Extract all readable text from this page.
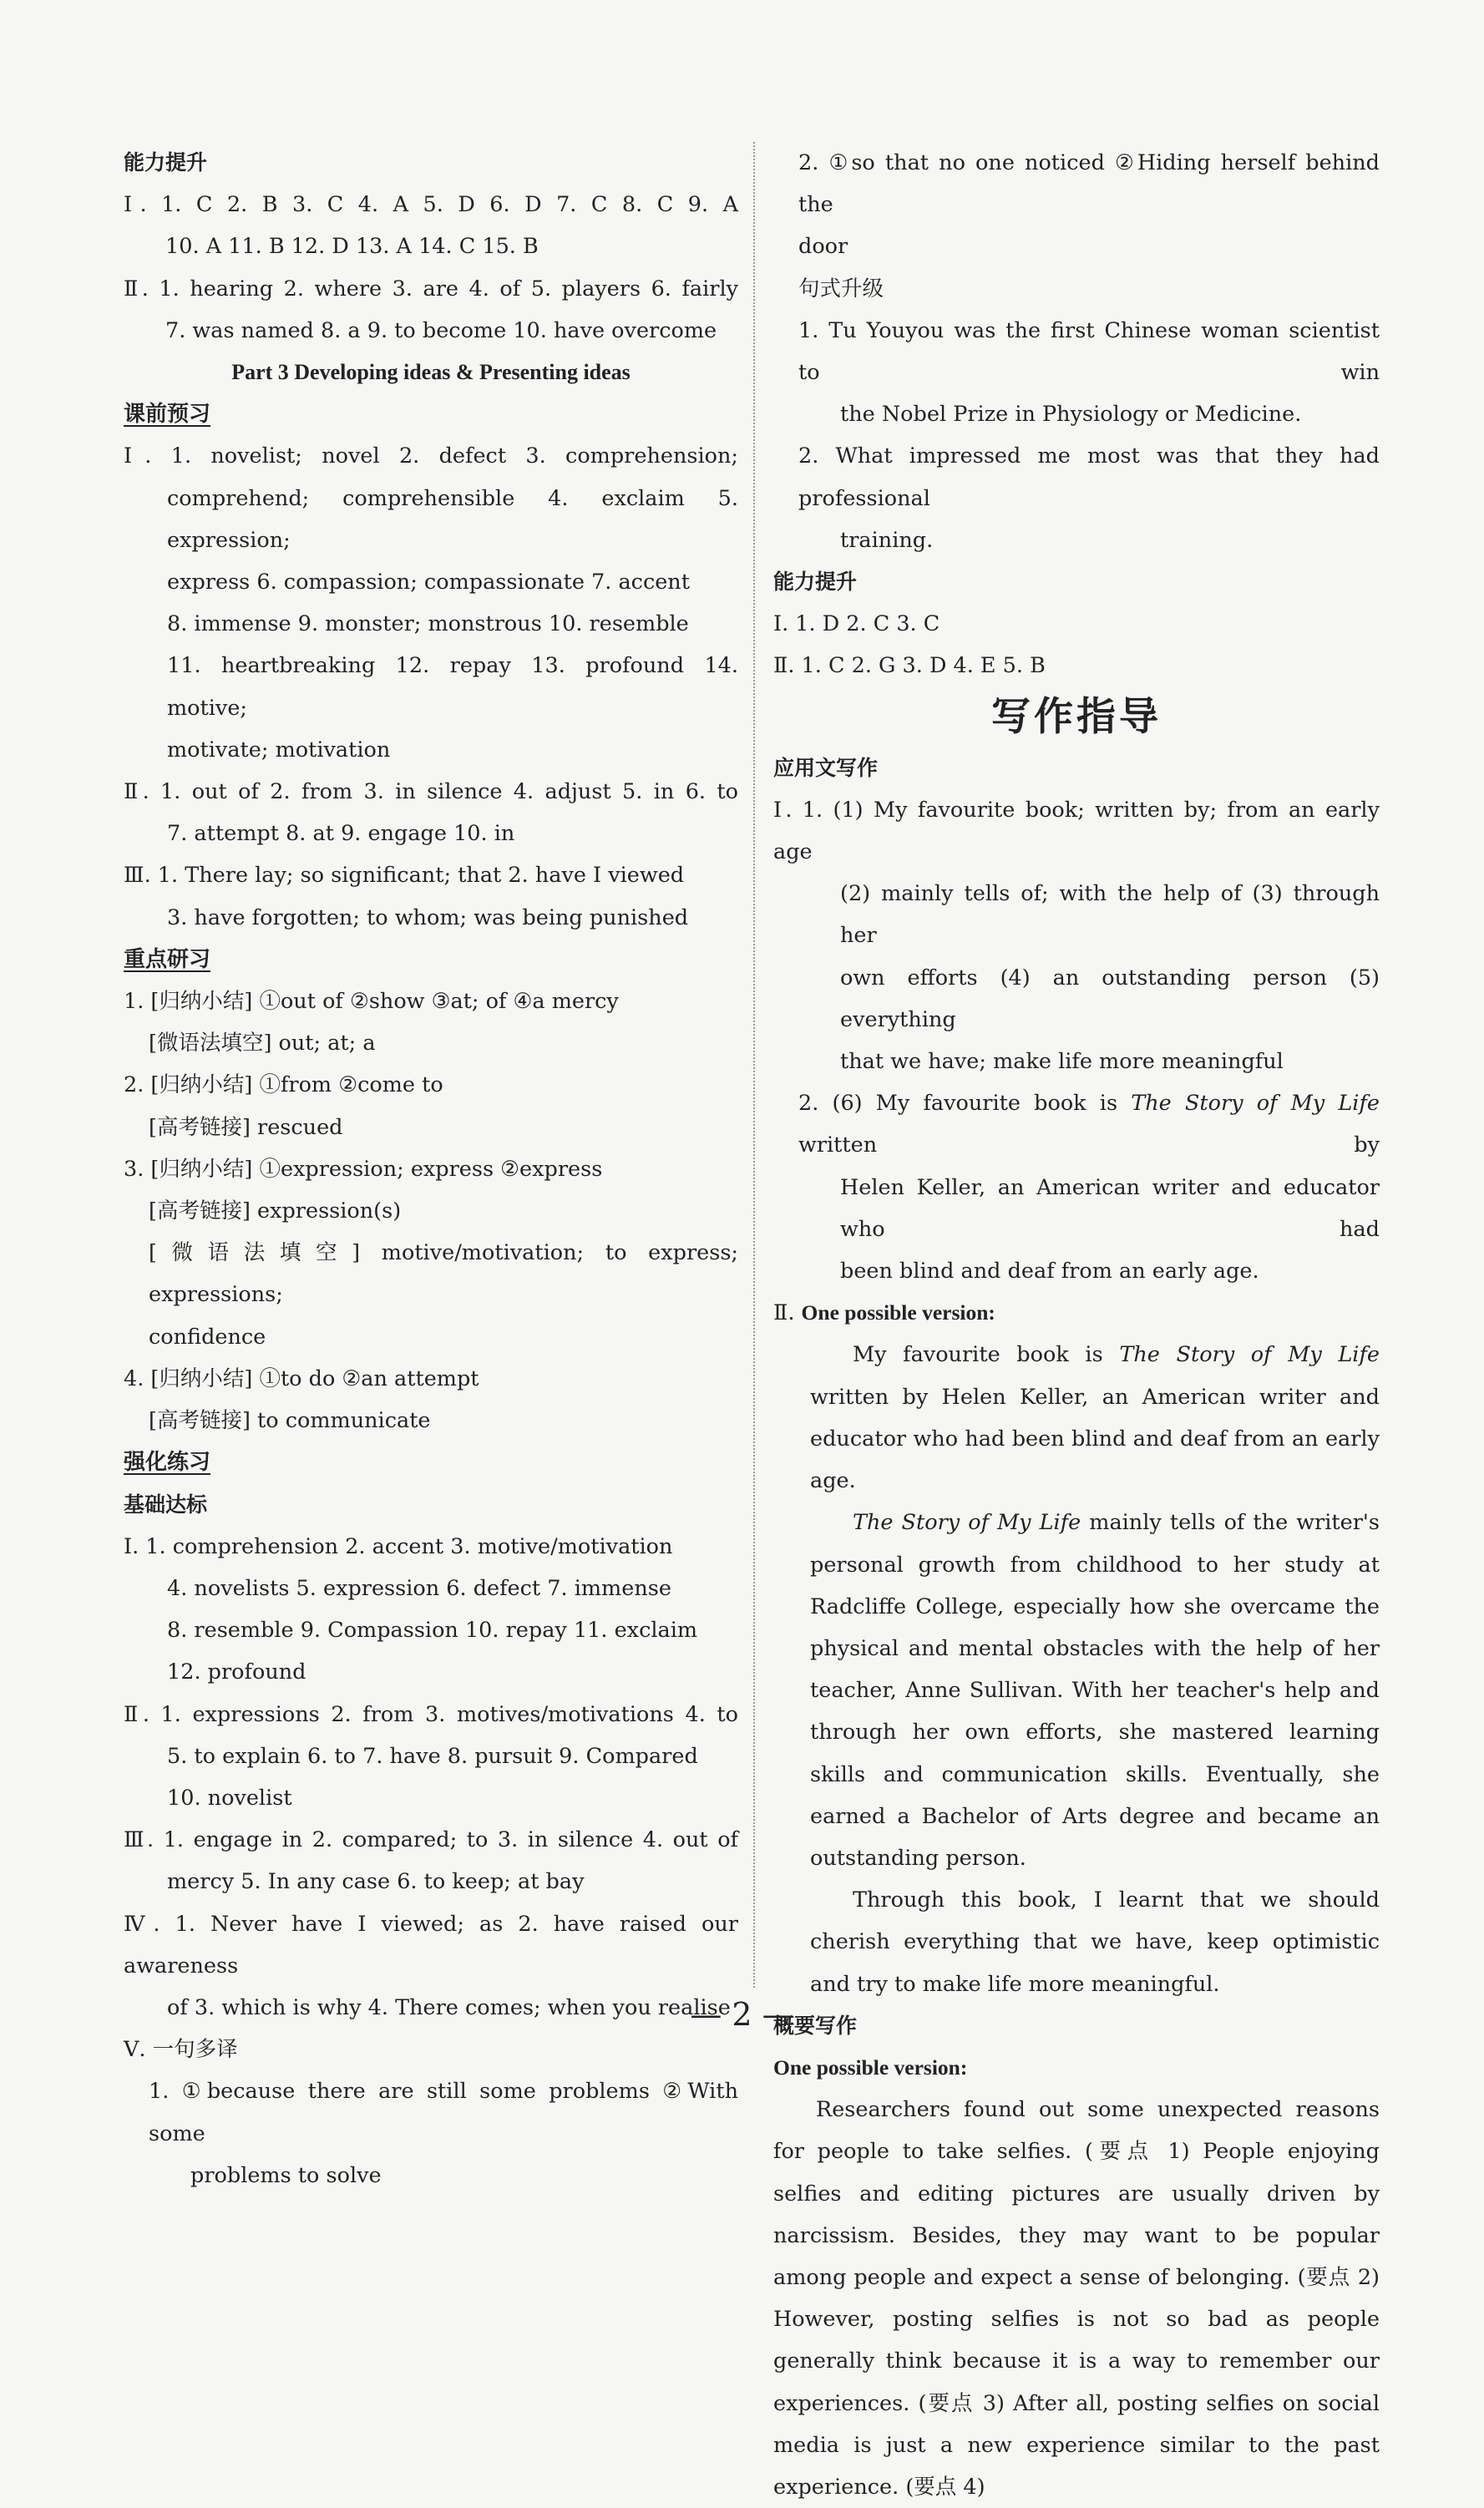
能力提升
Ⅰ. 1. C 2. B 3. C 4. A 5. D 6. D 7. C 8. C 9. A
10. A 11. B 12. D 13. A 14. C 15. B
Ⅱ. 1. hearing 2. where 3. are 4. of 5. players 6. fairly
7. was named 8. a 9. to become 10. have overcome
Part 3 Developing ideas & Presenting ideas
课前预习
Ⅰ. 1. novelist; novel 2. defect 3. comprehension;
comprehend; comprehensible 4. exclaim 5. expression;
express 6. compassion; compassionate 7. accent
8. immense 9. monster; monstrous 10. resemble
11. heartbreaking 12. repay 13. profound 14. motive;
motivate; motivation
Ⅱ. 1. out of 2. from 3. in silence 4. adjust 5. in 6. to
7. attempt 8. at 9. engage 10. in
Ⅲ. 1. There lay; so significant; that 2. have I viewed
3. have forgotten; to whom; was being punished
重点研习
1. [归纳小结] ①out of ②show ③at; of ④a mercy
[微语法填空] out; at; a
2. [归纳小结] ①from ②come to
[高考链接] rescued
3. [归纳小结] ①expression; express ②express
[高考链接] expression(s)
[微语法填空] motive/motivation; to express; expressions;
confidence
4. [归纳小结] ①to do ②an attempt
[高考链接] to communicate
强化练习
基础达标
Ⅰ. 1. comprehension 2. accent 3. motive/motivation
4. novelists 5. expression 6. defect 7. immense
8. resemble 9. Compassion 10. repay 11. exclaim
12. profound
Ⅱ. 1. expressions 2. from 3. motives/motivations 4. to
5. to explain 6. to 7. have 8. pursuit 9. Compared
10. novelist
Ⅲ. 1. engage in 2. compared; to 3. in silence 4. out of
mercy 5. In any case 6. to keep; at bay
Ⅳ. 1. Never have I viewed; as 2. have raised our awareness
of 3. which is why 4. There comes; when you realise
Ⅴ. 一句多译
1. ①because there are still some problems ②With some
problems to solve
2. ①so that no one noticed ②Hiding herself behind the
door
句式升级
1. Tu Youyou was the first Chinese woman scientist to win
the Nobel Prize in Physiology or Medicine.
2. What impressed me most was that they had professional
training.
能力提升
Ⅰ. 1. D 2. C 3. C
Ⅱ. 1. C 2. G 3. D 4. E 5. B
写作指导
应用文写作
Ⅰ. 1. (1) My favourite book; written by; from an early age
(2) mainly tells of; with the help of (3) through her
own efforts (4) an outstanding person (5) everything
that we have; make life more meaningful
2. (6) My favourite book is The Story of My Life written by
Helen Keller, an American writer and educator who had
been blind and deaf from an early age.
Ⅱ. One possible version:
My favourite book is The Story of My Life written by Helen Keller, an American writer and educator who had been blind and deaf from an early age.
The Story of My Life mainly tells of the writer's personal growth from childhood to her study at Radcliffe College, especially how she overcame the physical and mental obstacles with the help of her teacher, Anne Sullivan. With her teacher's help and through her own efforts, she mastered learning skills and communication skills. Eventually, she earned a Bachelor of Arts degree and became an outstanding person.
Through this book, I learnt that we should cherish everything that we have, keep optimistic and try to make life more meaningful.
概要写作
One possible version:
Researchers found out some unexpected reasons for people to take selfies. (要点 1) People enjoying selfies and editing pictures are usually driven by narcissism. Besides, they may want to be popular among people and expect a sense of belonging. (要点 2) However, posting selfies is not so bad as people generally think because it is a way to remember our experiences. (要点 3) After all, posting selfies on social media is just a new experience similar to the past experience. (要点 4)
— 2 —
